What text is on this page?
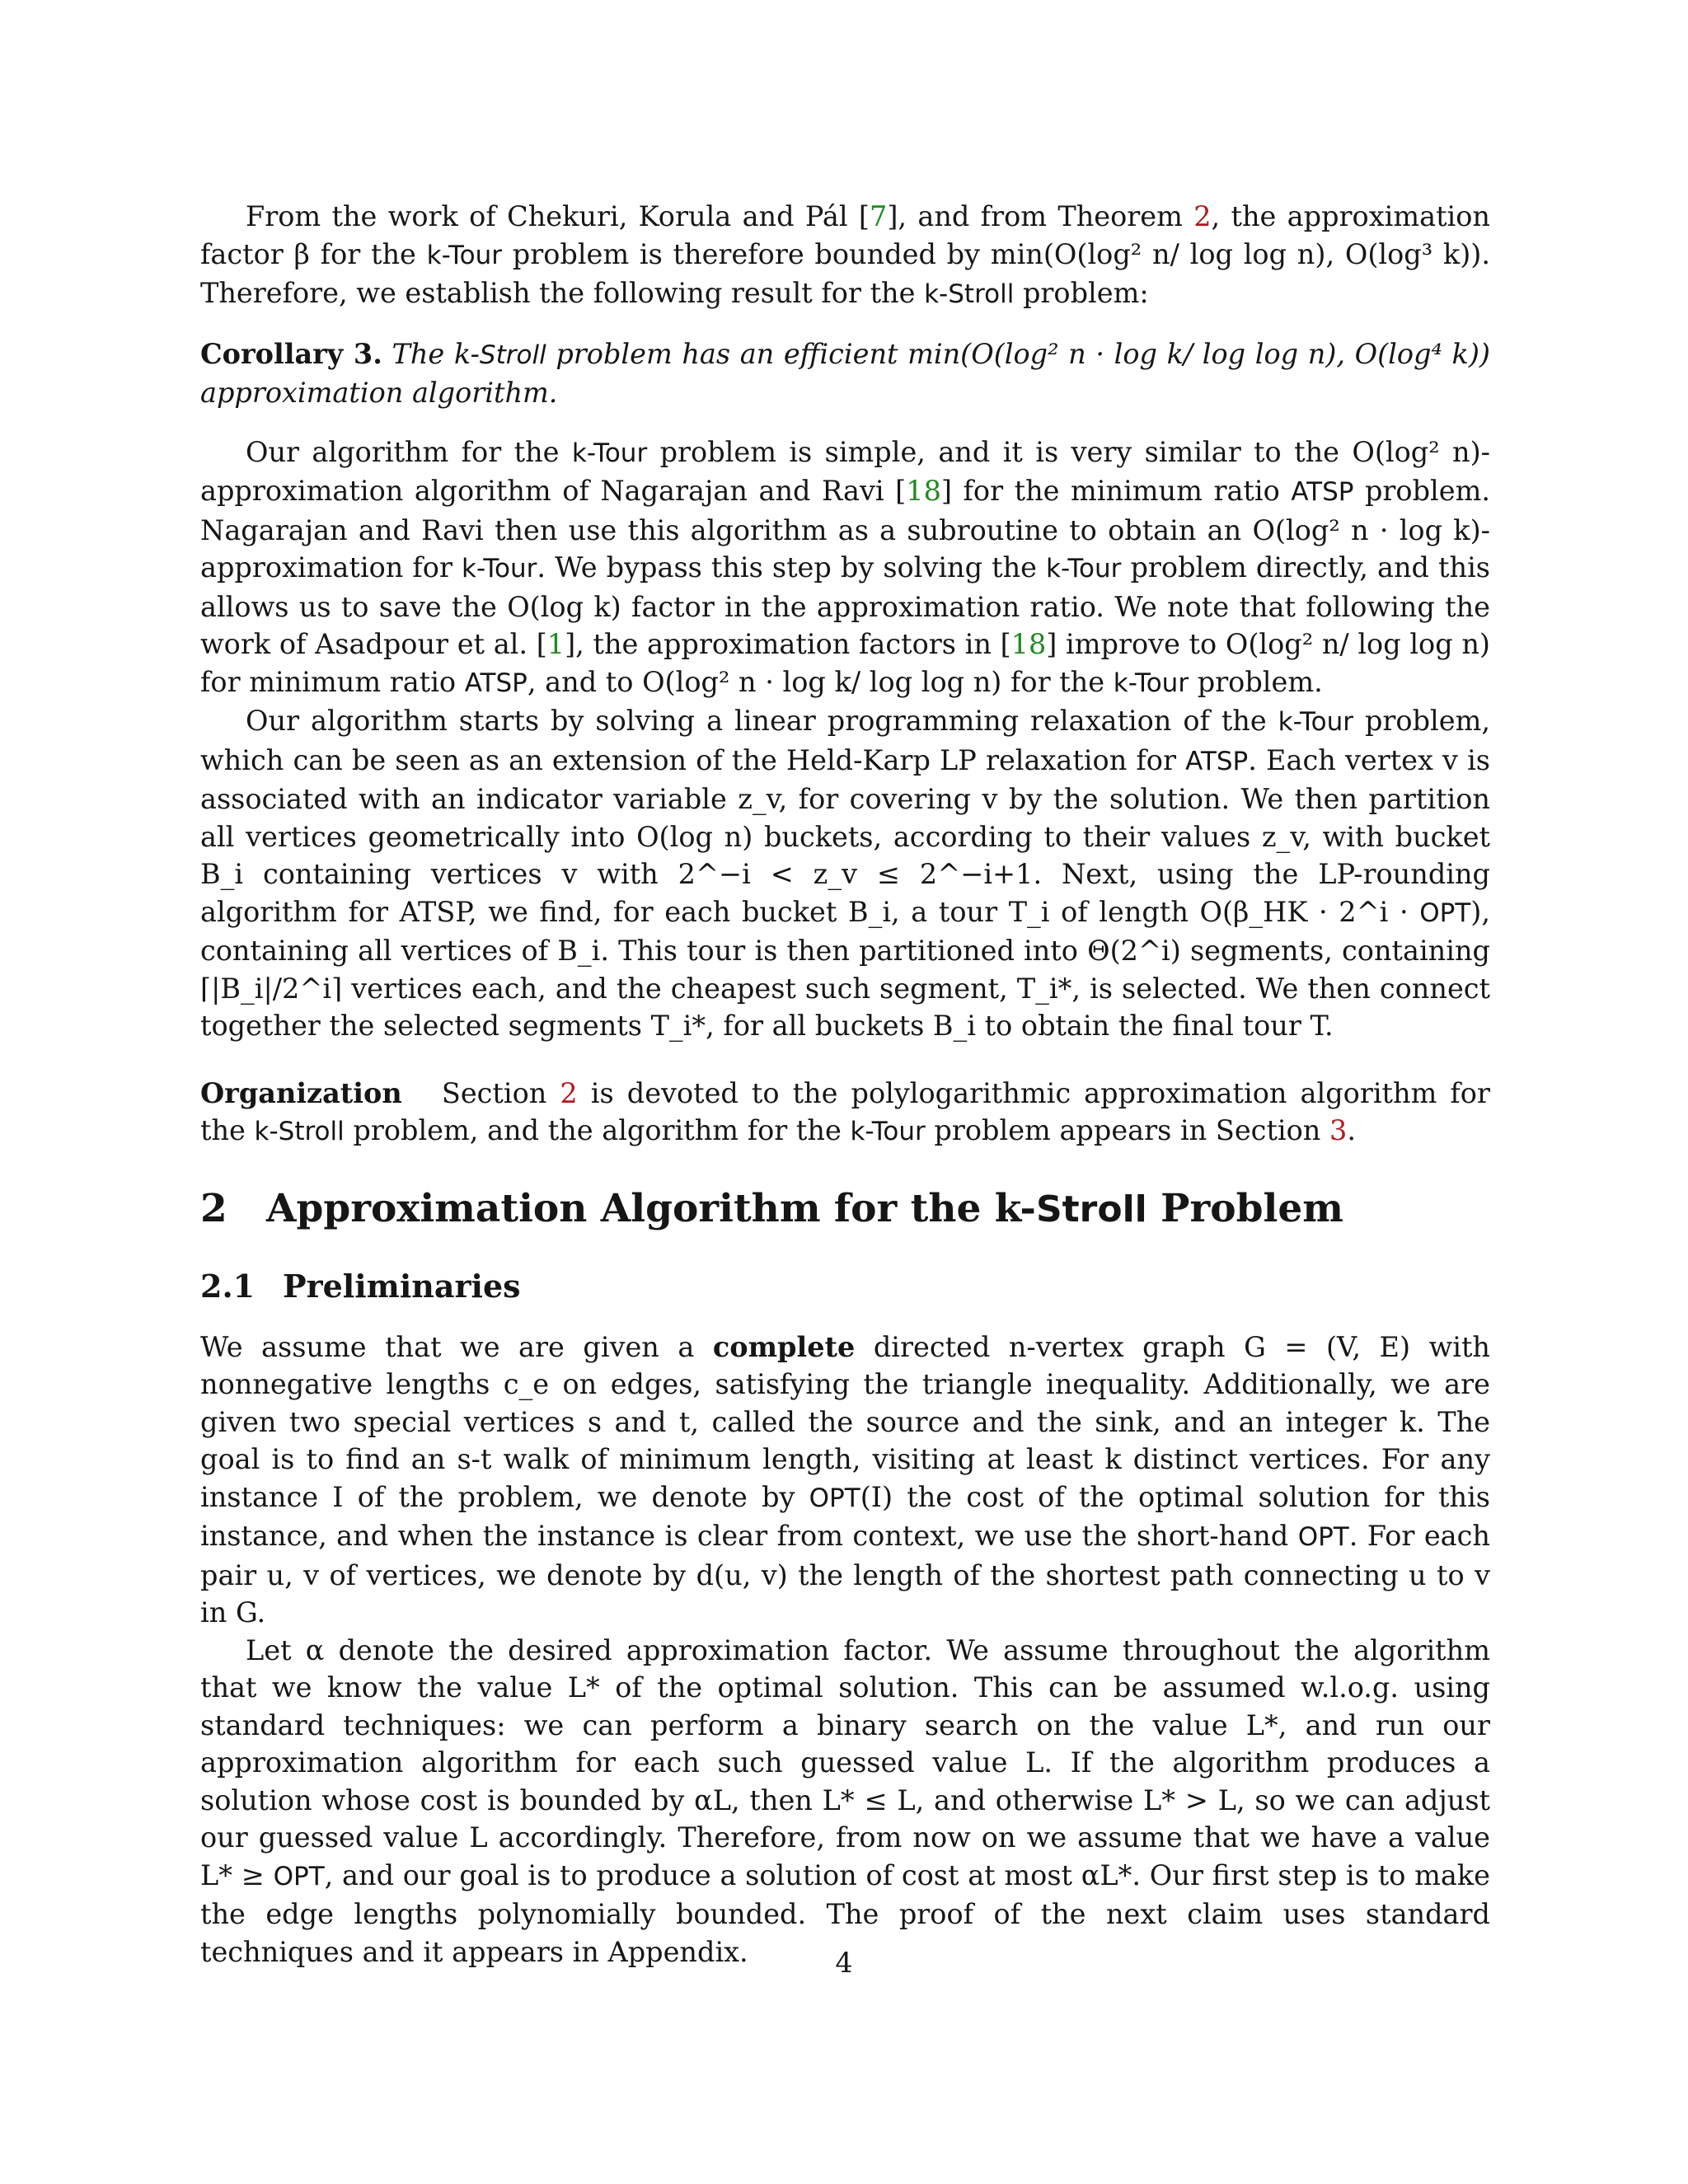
From the work of Chekuri, Korula and Pál [7], and from Theorem 2, the approximation factor β for the k-Tour problem is therefore bounded by min(O(log² n/ log log n), O(log³ k)). Therefore, we establish the following result for the k-Stroll problem:

Corollary 3. The k-Stroll problem has an efficient min(O(log² n · log k/ log log n), O(log⁴ k)) approximation algorithm.

Our algorithm for the k-Tour problem is simple, and it is very similar to the O(log² n)-approximation algorithm of Nagarajan and Ravi [18] for the minimum ratio ATSP problem. Nagarajan and Ravi then use this algorithm as a subroutine to obtain an O(log² n · log k)-approximation for k-Tour. We bypass this step by solving the k-Tour problem directly, and this allows us to save the O(log k) factor in the approximation ratio. We note that following the work of Asadpour et al. [1], the approximation factors in [18] improve to O(log² n/ log log n) for minimum ratio ATSP, and to O(log² n · log k/ log log n) for the k-Tour problem.

Our algorithm starts by solving a linear programming relaxation of the k-Tour problem, which can be seen as an extension of the Held-Karp LP relaxation for ATSP. Each vertex v is associated with an indicator variable z_v, for covering v by the solution. We then partition all vertices geometrically into O(log n) buckets, according to their values z_v, with bucket B_i containing vertices v with 2^−i < z_v ≤ 2^−i+1. Next, using the LP-rounding algorithm for ATSP, we find, for each bucket B_i, a tour T_i of length O(β_HK · 2^i · OPT), containing all vertices of B_i. This tour is then partitioned into Θ(2^i) segments, containing ⌈|B_i|/2^i⌉ vertices each, and the cheapest such segment, T_i*, is selected. We then connect together the selected segments T_i*, for all buckets B_i to obtain the final tour T.

Organization   Section 2 is devoted to the polylogarithmic approximation algorithm for the k-Stroll problem, and the algorithm for the k-Tour problem appears in Section 3.

2 Approximation Algorithm for the k-Stroll Problem
2.1 Preliminaries

We assume that we are given a complete directed n-vertex graph G = (V, E) with nonnegative lengths c_e on edges, satisfying the triangle inequality. Additionally, we are given two special vertices s and t, called the source and the sink, and an integer k. The goal is to find an s-t walk of minimum length, visiting at least k distinct vertices. For any instance I of the problem, we denote by OPT(I) the cost of the optimal solution for this instance, and when the instance is clear from context, we use the short-hand OPT. For each pair u, v of vertices, we denote by d(u, v) the length of the shortest path connecting u to v in G.

Let α denote the desired approximation factor. We assume throughout the algorithm that we know the value L* of the optimal solution. This can be assumed w.l.o.g. using standard techniques: we can perform a binary search on the value L*, and run our approximation algorithm for each such guessed value L. If the algorithm produces a solution whose cost is bounded by αL, then L* ≤ L, and otherwise L* > L, so we can adjust our guessed value L accordingly. Therefore, from now on we assume that we have a value L* ≥ OPT, and our goal is to produce a solution of cost at most αL*. Our first step is to make the edge lengths polynomially bounded. The proof of the next claim uses standard techniques and it appears in Appendix.	4
